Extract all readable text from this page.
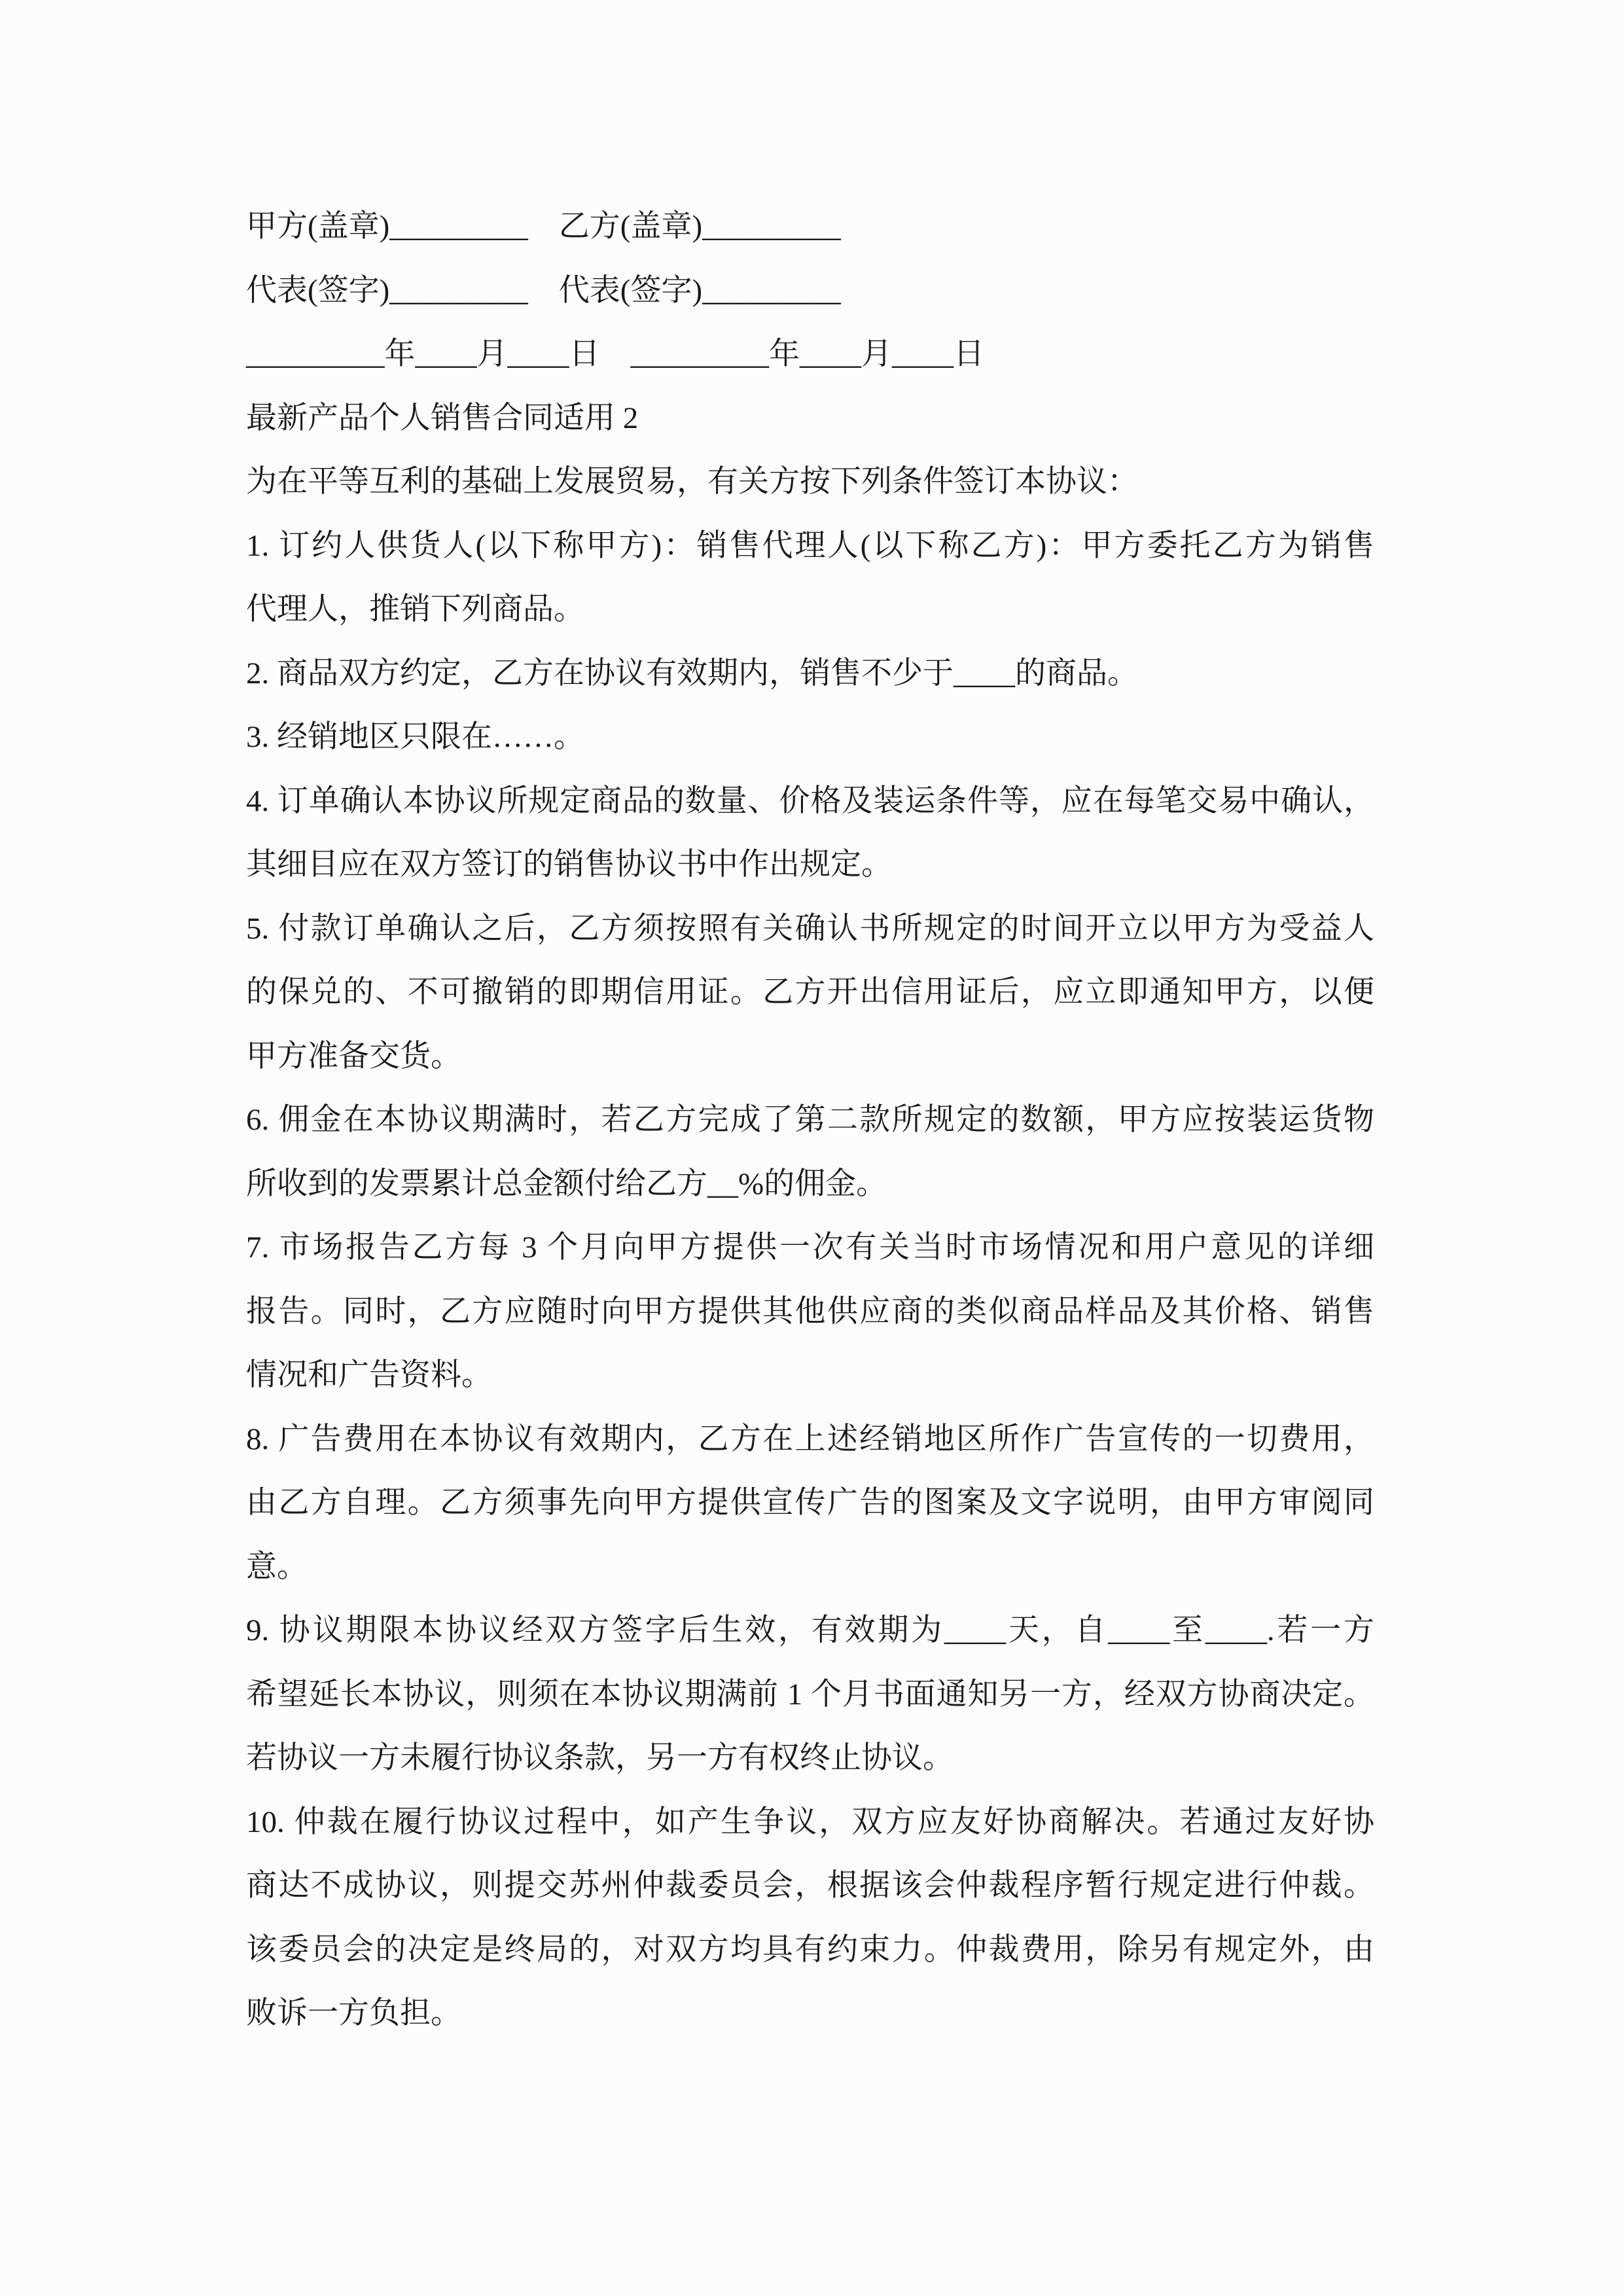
甲方(盖章)_________　乙方(盖章)_________
代表(签字)_________　代表(签字)_________
_________年____月____日　_________年____月____日
最新产品个人销售合同适用 2
为在平等互利的基础上发展贸易，有关方按下列条件签订本协议：
1. 订约人供货人(以下称甲方)：销售代理人(以下称乙方)：甲方委托乙方为销售
代理人，推销下列商品。
2. 商品双方约定，乙方在协议有效期内，销售不少于____的商品。
3. 经销地区只限在……。
4. 订单确认本协议所规定商品的数量、价格及装运条件等，应在每笔交易中确认，
其细目应在双方签订的销售协议书中作出规定。
5. 付款订单确认之后，乙方须按照有关确认书所规定的时间开立以甲方为受益人
的保兑的、不可撤销的即期信用证。乙方开出信用证后，应立即通知甲方，以便
甲方准备交货。
6. 佣金在本协议期满时，若乙方完成了第二款所规定的数额，甲方应按装运货物
所收到的发票累计总金额付给乙方__%的佣金。
7. 市场报告乙方每 3 个月向甲方提供一次有关当时市场情况和用户意见的详细
报告。同时，乙方应随时向甲方提供其他供应商的类似商品样品及其价格、销售
情况和广告资料。
8. 广告费用在本协议有效期内，乙方在上述经销地区所作广告宣传的一切费用，
由乙方自理。乙方须事先向甲方提供宣传广告的图案及文字说明，由甲方审阅同
意。
9. 协议期限本协议经双方签字后生效，有效期为____天，自____至____.若一方
希望延长本协议，则须在本协议期满前 1 个月书面通知另一方，经双方协商决定。
若协议一方未履行协议条款，另一方有权终止协议。
10. 仲裁在履行协议过程中，如产生争议，双方应友好协商解决。若通过友好协
商达不成协议，则提交苏州仲裁委员会，根据该会仲裁程序暂行规定进行仲裁。
该委员会的决定是终局的，对双方均具有约束力。仲裁费用，除另有规定外，由
败诉一方负担。
